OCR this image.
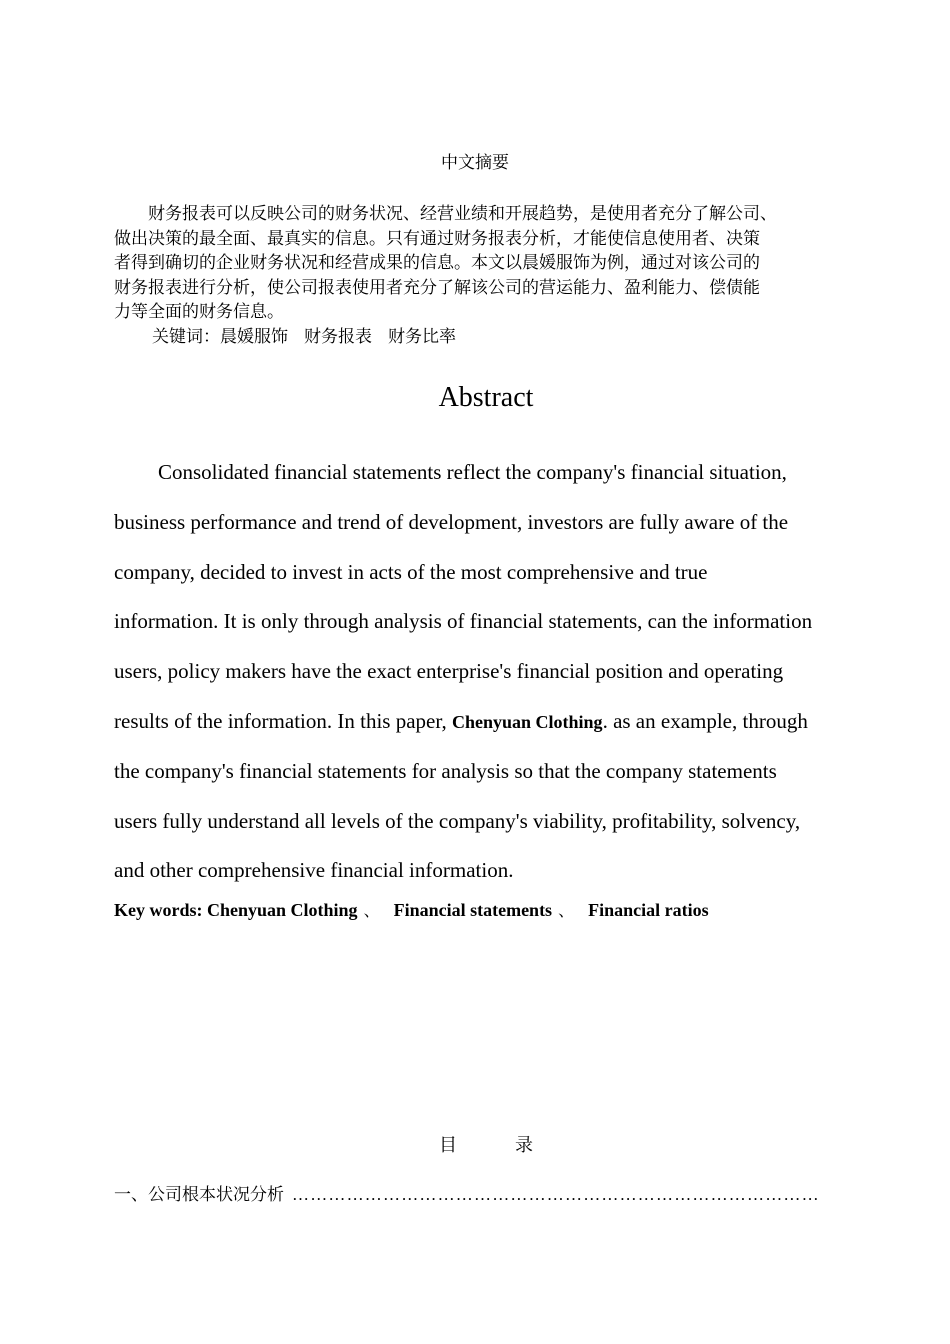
中文摘要
　　财务报表可以反映公司的财务状况、经营业绩和开展趋势，是使用者充分了解公司、
做出决策的最全面、最真实的信息。只有通过财务报表分析，才能使信息使用者、决策
者得到确切的企业财务状况和经营成果的信息。本文以晨媛服饰为例，通过对该公司的
财务报表进行分析，使公司报表使用者充分了解该公司的营运能力、盈利能力、偿债能
力等全面的财务信息。
关键词：晨媛服饰 财务报表 财务比率
Abstract
Consolidated financial statements reflect the company's financial situation,
business performance and trend of development, investors are fully aware of the
company, decided to invest in acts of the most comprehensive and true
information. It is only through analysis of financial statements, can the information
users, policy makers have the exact enterprise's financial position and operating
results of the information. In this paper, Chenyuan Clothing. as an example, through
the company's financial statements for analysis so that the company statements
users fully understand all levels of the company's viability, profitability, solvency,
and other comprehensive financial information.
Key words: Chenyuan Clothing 、 Financial statements 、 Financial ratios
目	录
一、公司根本状况分析 ……………………………………………………………………………
